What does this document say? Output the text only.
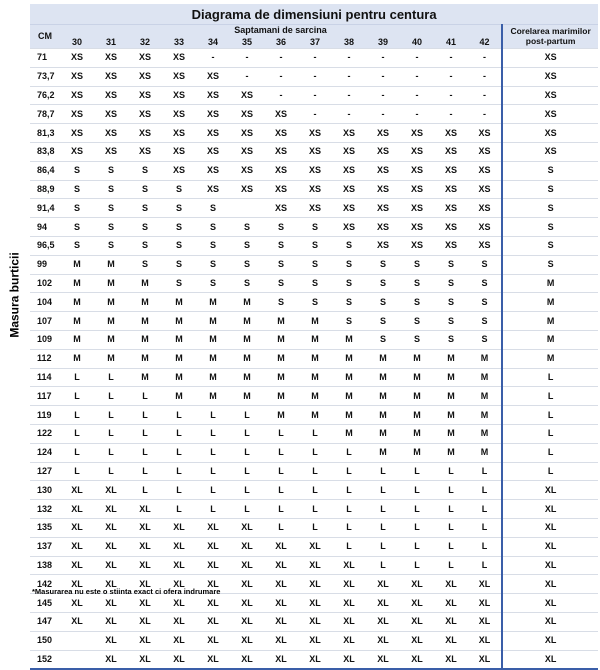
Masura burticii
Diagrama de dimensiuni pentru centura														
CM	Saptamani de sarcina													Corelarea marimilor post-partum
	30	31	32	33	34	35	36	37	38	39	40	41	42	
71	XS	XS	XS	XS	-	-	-	-	-	-	-	-	-	XS
73,7	XS	XS	XS	XS	XS	-	-	-	-	-	-	-	-	XS
76,2	XS	XS	XS	XS	XS	XS	-	-	-	-	-	-	-	XS
78,7	XS	XS	XS	XS	XS	XS	XS	-	-	-	-	-	-	XS
81,3	XS	XS	XS	XS	XS	XS	XS	XS	XS	XS	XS	XS	XS	XS
83,8	XS	XS	XS	XS	XS	XS	XS	XS	XS	XS	XS	XS	XS	XS
86,4	S	S	S	XS	XS	XS	XS	XS	XS	XS	XS	XS	XS	S
88,9	S	S	S	S	XS	XS	XS	XS	XS	XS	XS	XS	XS	S
91,4	S	S	S	S	S		XS	XS	XS	XS	XS	XS	XS	S
94	S	S	S	S	S	S	S	S	XS	XS	XS	XS	XS	S
96,5	S	S	S	S	S	S	S	S	S	XS	XS	XS	XS	S
99	M	M	S	S	S	S	S	S	S	S	S	S	S	S
102	M	M	M	S	S	S	S	S	S	S	S	S	S	M
104	M	M	M	M	M	M	S	S	S	S	S	S	S	M
107	M	M	M	M	M	M	M	M	S	S	S	S	S	M
109	M	M	M	M	M	M	M	M	M	S	S	S	S	M
112	M	M	M	M	M	M	M	M	M	M	M	M	M	M
114	L	L	M	M	M	M	M	M	M	M	M	M	M	L
117	L	L	L	M	M	M	M	M	M	M	M	M	M	L
119	L	L	L	L	L	L	M	M	M	M	M	M	M	L
122	L	L	L	L	L	L	L	L	M	M	M	M	M	L
124	L	L	L	L	L	L	L	L	L	M	M	M	M	L
127	L	L	L	L	L	L	L	L	L	L	L	L	L	L
130	XL	XL	L	L	L	L	L	L	L	L	L	L	L	XL
132	XL	XL	XL	L	L	L	L	L	L	L	L	L	L	XL
135	XL	XL	XL	XL	XL	XL	L	L	L	L	L	L	L	XL
137	XL	XL	XL	XL	XL	XL	XL	XL	L	L	L	L	L	XL
138	XL	XL	XL	XL	XL	XL	XL	XL	XL	L	L	L	L	XL
142	XL	XL	XL	XL	XL	XL	XL	XL	XL	XL	XL	XL	XL	XL
145	XL	XL	XL	XL	XL	XL	XL	XL	XL	XL	XL	XL	XL	XL
147	XL	XL	XL	XL	XL	XL	XL	XL	XL	XL	XL	XL	XL	XL
150		XL	XL	XL	XL	XL	XL	XL	XL	XL	XL	XL	XL	XL
152		XL	XL	XL	XL	XL	XL	XL	XL	XL	XL	XL	XL	XL
*Masurarea nu este o stiinta exact ci ofera indrumare
